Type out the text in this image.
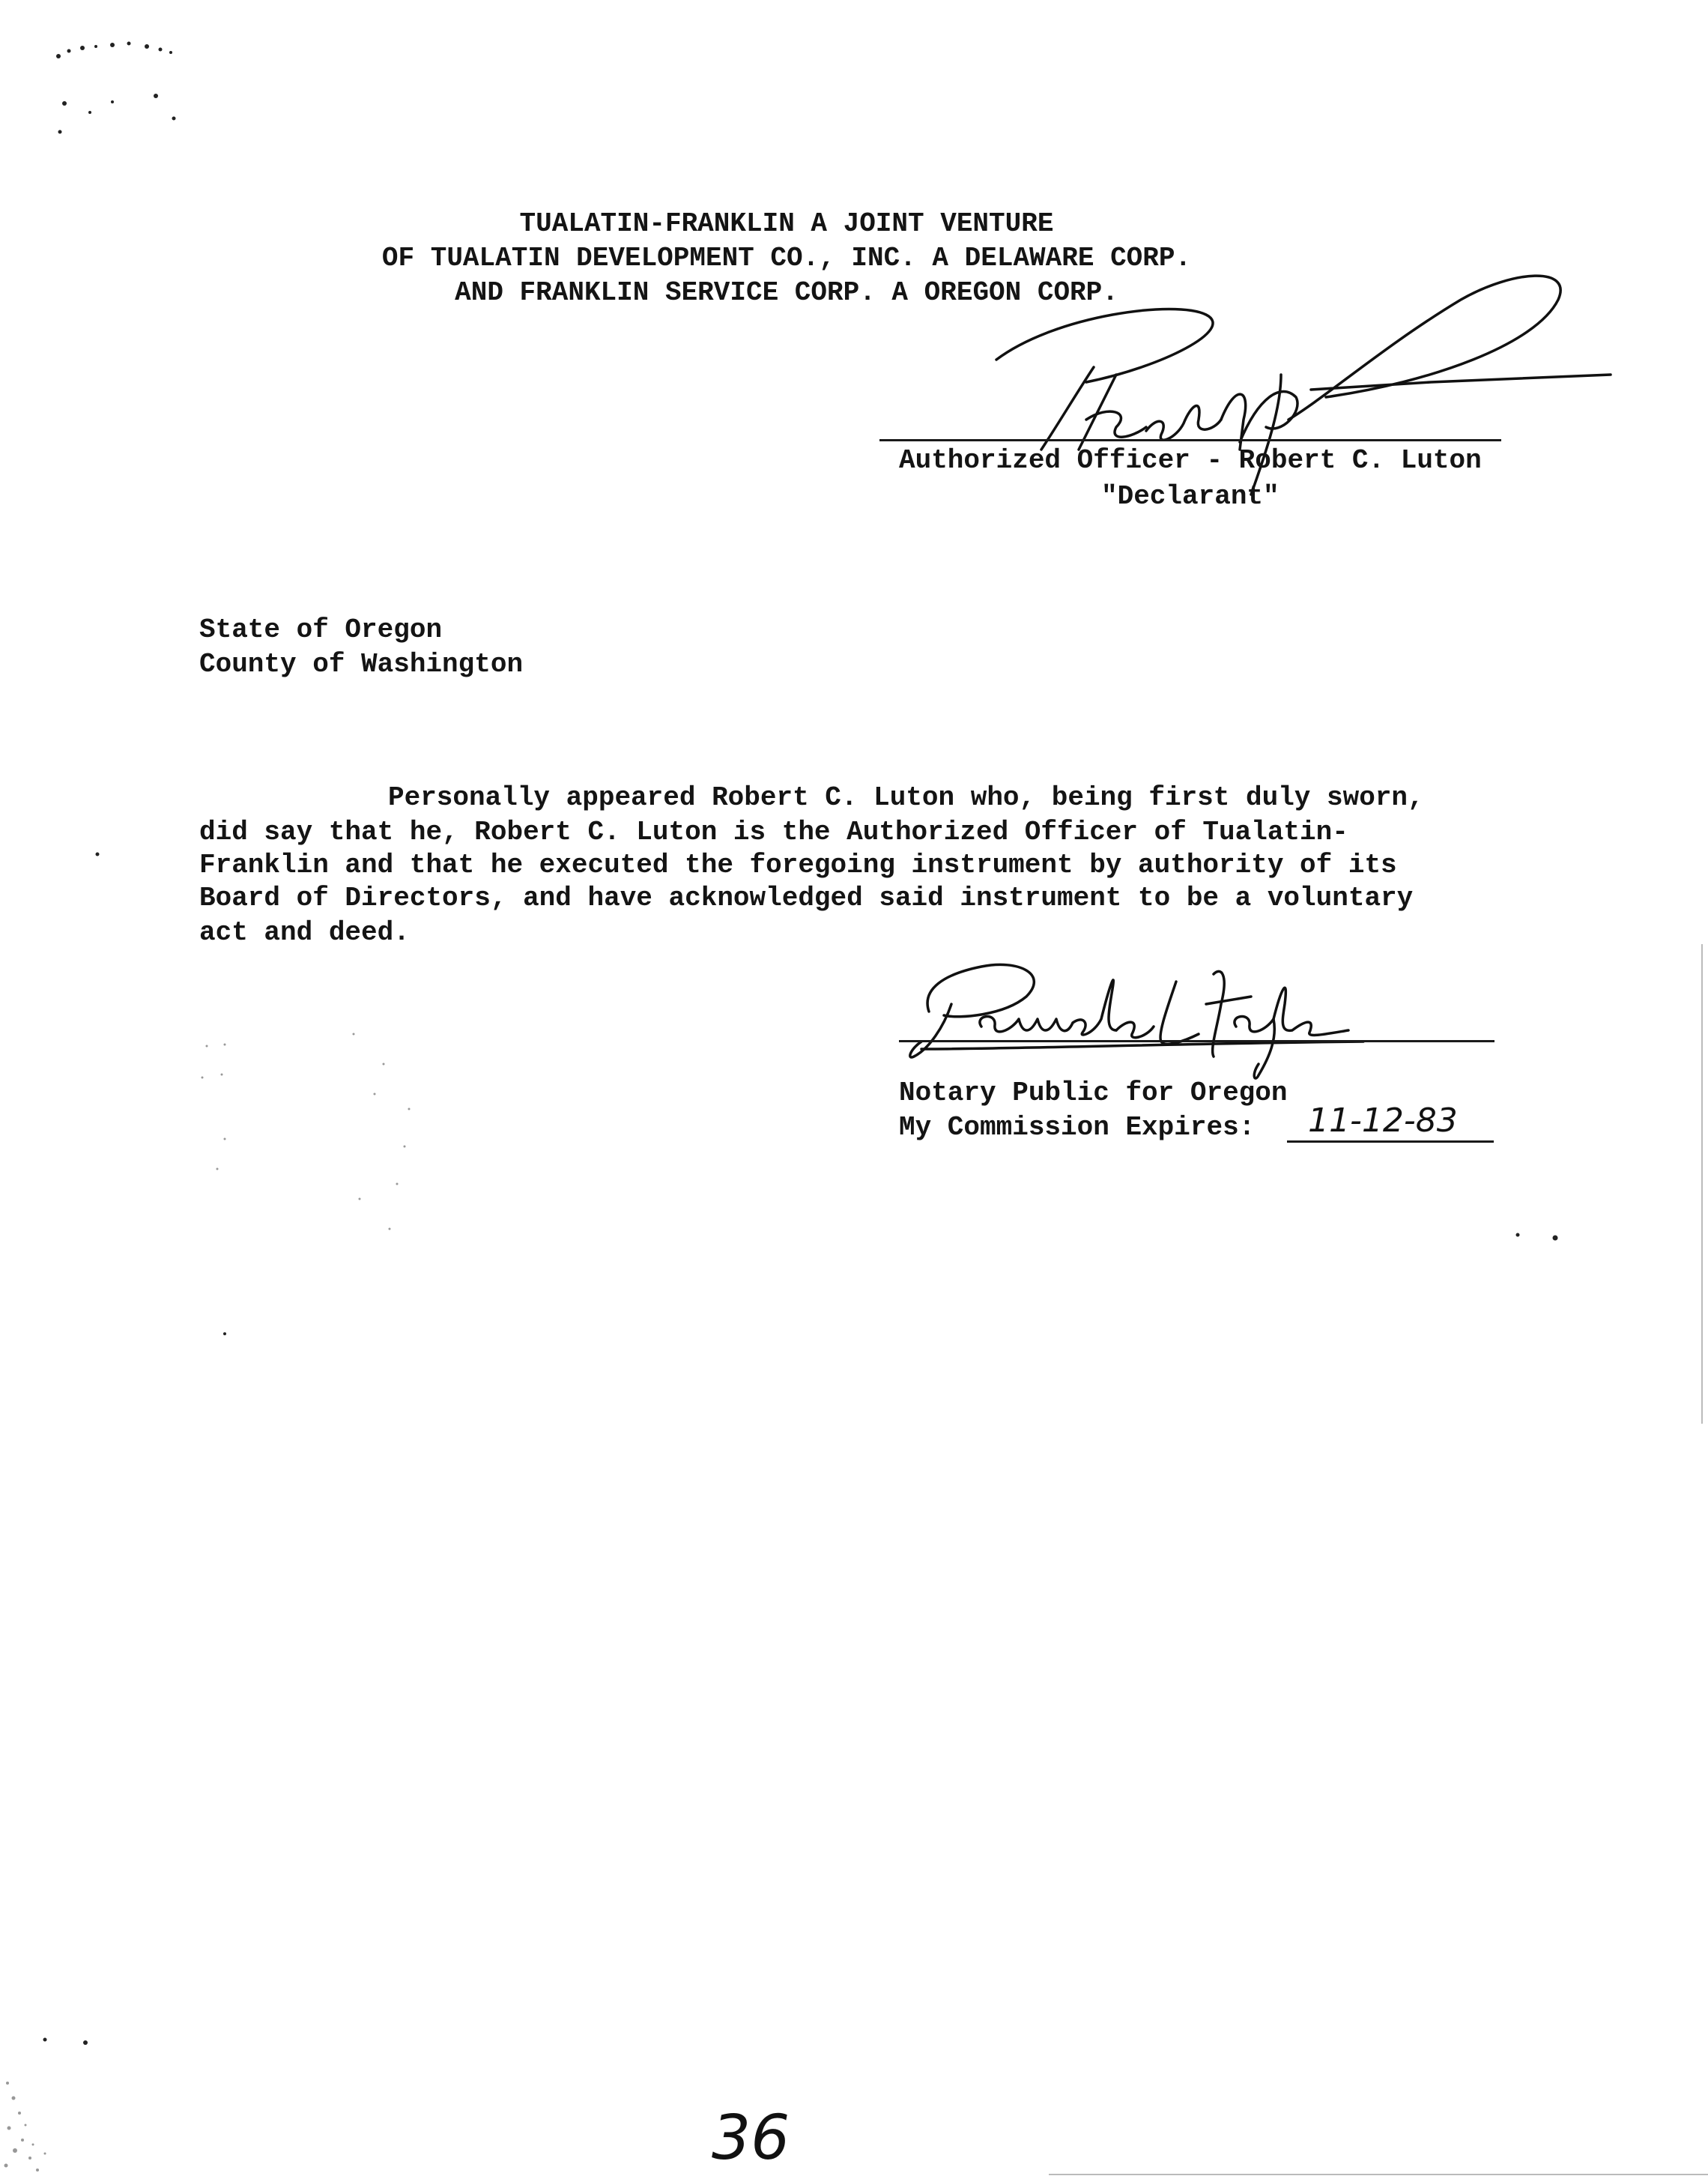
TUALATIN-FRANKLIN A JOINT VENTURE
OF TUALATIN DEVELOPMENT CO., INC. A DELAWARE CORP.
AND FRANKLIN SERVICE CORP. A OREGON CORP.
Authorized Officer - Robert C. Luton
"Declarant"
State of Oregon
County of Washington
Personally appeared Robert C. Luton who, being first duly sworn,
did say that he, Robert C. Luton is the Authorized Officer of Tualatin-
Franklin and that he executed the foregoing instrument by authority of its
Board of Directors, and have acknowledged said instrument to be a voluntary
act and deed.
Notary Public for Oregon
My Commission Expires: 11-12-83
36
